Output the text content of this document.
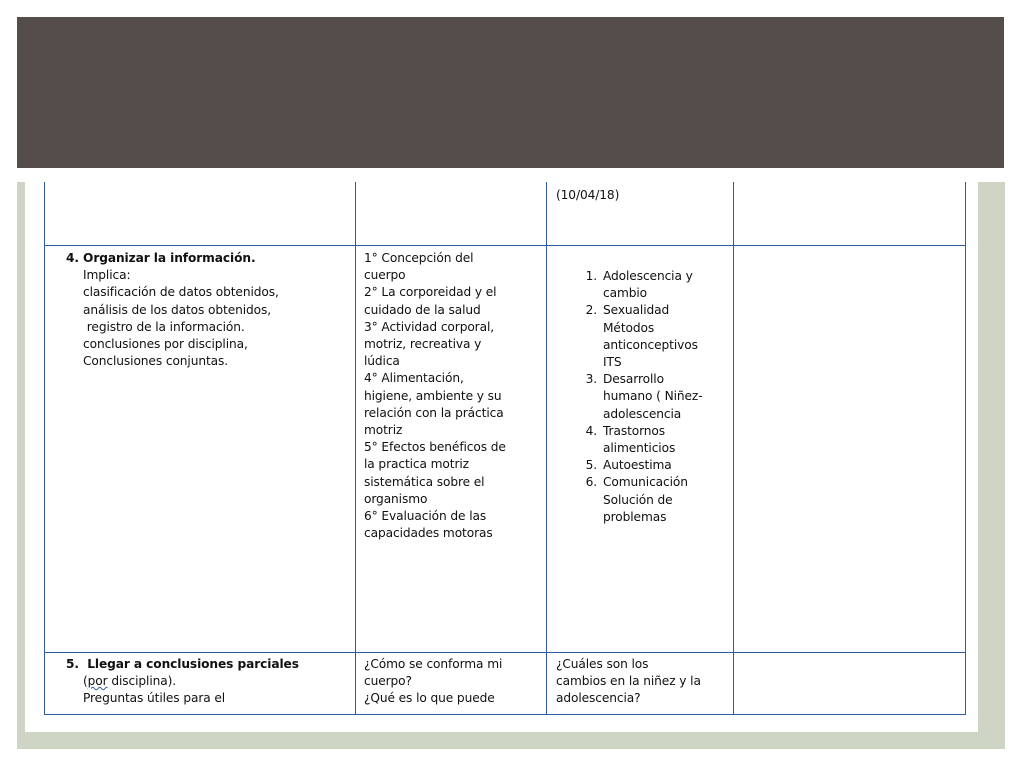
(10/04/18)
4. Organizar la información.
Implica:
clasificación de datos obtenidos,
análisis de los datos obtenidos,
registro de la información.
conclusiones por disciplina,
Conclusiones conjuntas.
1° Concepción del
cuerpo
2° La corporeidad y el
cuidado de la salud
3° Actividad corporal,
motriz, recreativa y
lúdica
4° Alimentación,
higiene, ambiente y su
relación con la práctica
motriz
5° Efectos benéficos de
la practica motriz
sistemática sobre el
organismo
6° Evaluación de las
capacidades motoras
1. Adolescencia y
cambio
2. Sexualidad
Métodos
anticonceptivos
ITS
3. Desarrollo
humano ( Niñez-
adolescencia
4. Trastornos
alimenticios
5. Autoestima
6. Comunicación
Solución de
problemas
5.  Llegar a conclusiones parciales
(por disciplina).
Preguntas útiles para el
¿Cómo se conforma mi
cuerpo?
¿Qué es lo que puede
¿Cuáles son los
cambios en la niñez y la
adolescencia?
